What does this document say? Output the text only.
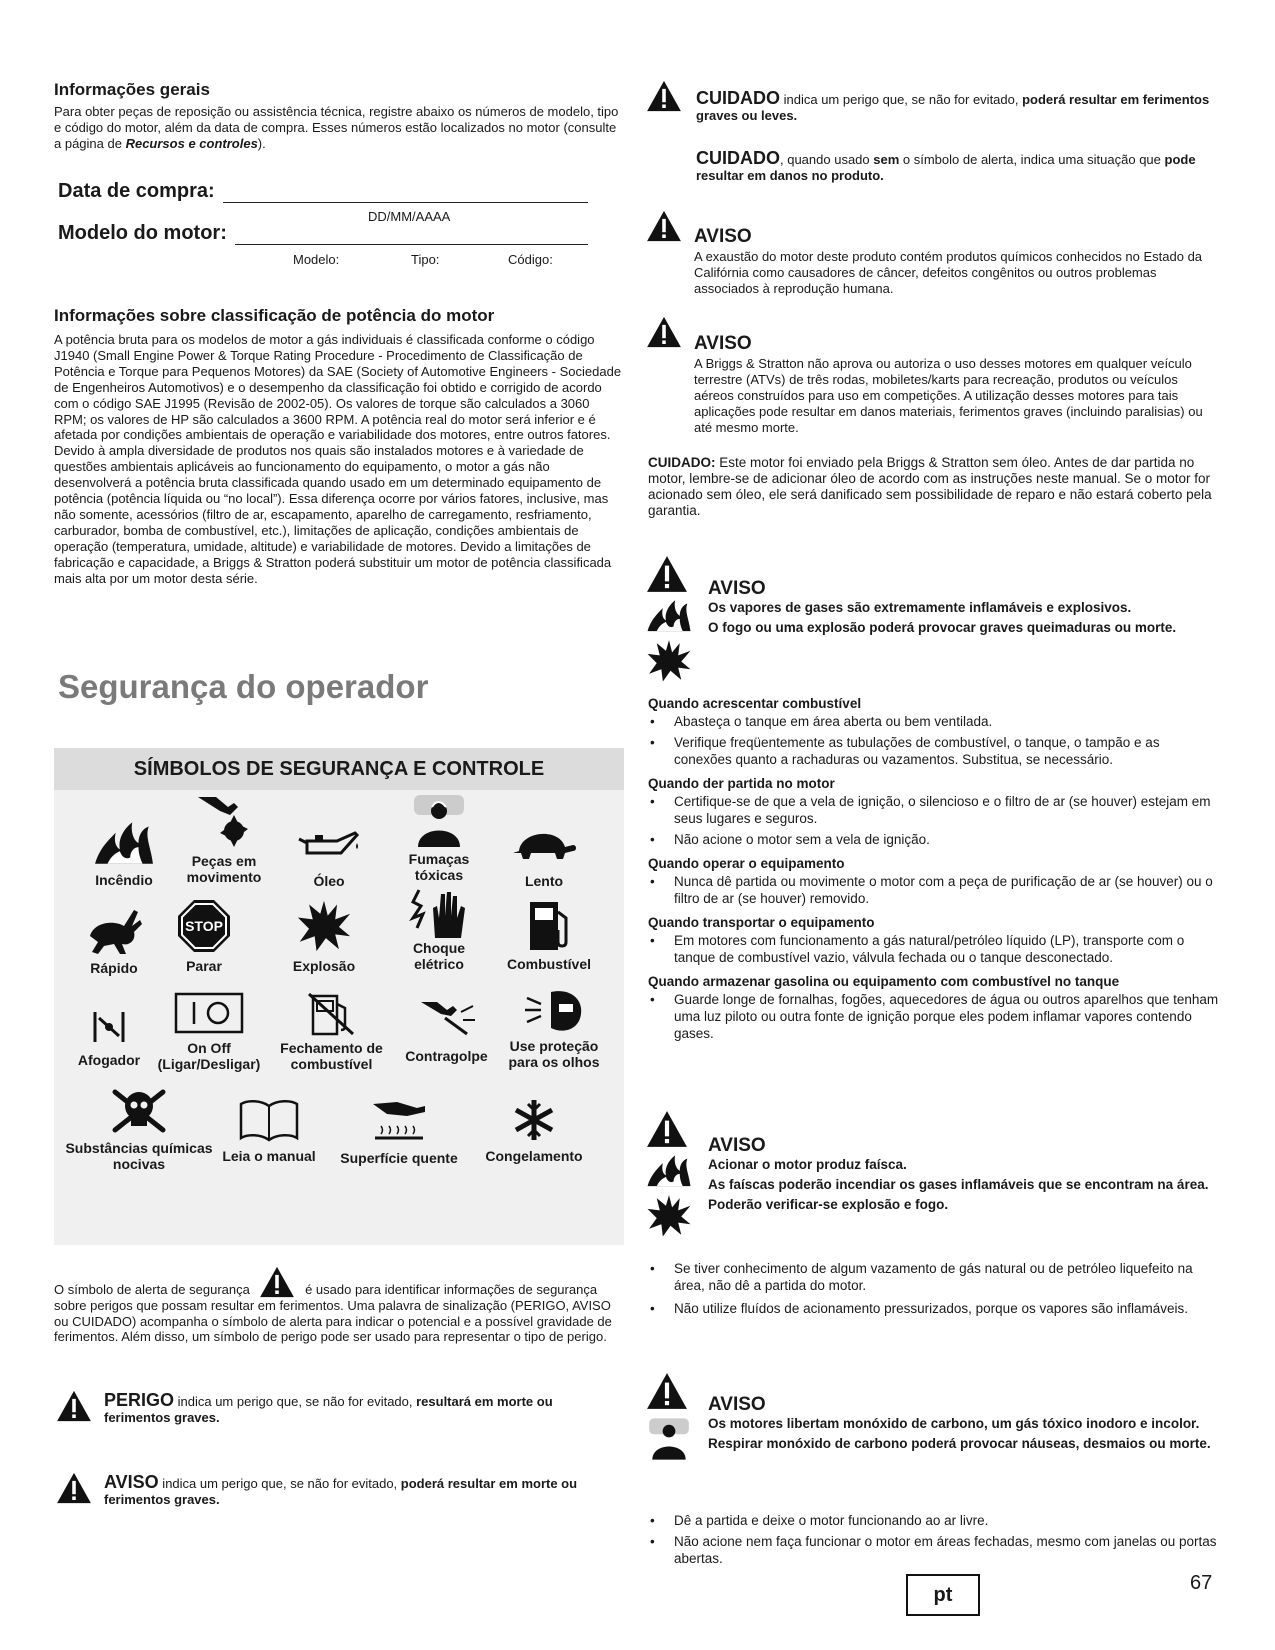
Informações gerais

Para obter peças de reposição ou assistência técnica, registre abaixo os números de modelo, tipo e código do motor, além da data de compra. Esses números estão localizados no motor (consulte a página de Recursos e controles).

Data de compra:
DD/MM/AAAA
Modelo do motor:
Modelo:	Tipo:	Código:
Informações sobre classificação de potência do motor

A potência bruta para os modelos de motor a gás individuais é classificada conforme o código J1940 (Small Engine Power & Torque Rating Procedure - Procedimento de Classificação de Potência e Torque para Pequenos Motores) da SAE (Society of Automotive Engineers - Sociedade de Engenheiros Automotivos) e o desempenho da classificação foi obtido e corrigido de acordo com o código SAE J1995 (Revisão de 2002-05). Os valores de torque são calculados a 3060 RPM; os valores de HP são calculados a 3600 RPM. A potência real do motor será inferior e é afetada por condições ambientais de operação e variabilidade dos motores, entre outros fatores. Devido à ampla diversidade de produtos nos quais são instalados motores e à variedade de questões ambientais aplicáveis ao funcionamento do equipamento, o motor a gás não desenvolverá a potência bruta classificada quando usado em um determinado equipamento de potência (potência líquida ou “no local”). Essa diferença ocorre por vários fatores, inclusive, mas não somente, acessórios (filtro de ar, escapamento, aparelho de carregamento, resfriamento, carburador, bomba de combustível, etc.), limitações de aplicação, condições ambientais de operação (temperatura, umidade, altitude) e variabilidade de motores. Devido a limitações de fabricação e capacidade, a Briggs & Stratton poderá substituir um motor de potência classificada mais alta por um motor desta série.

Segurança do operador
SÍMBOLOS DE SEGURANÇA E CONTROLE
Incêndio
Peças em movimento	Óleo
Fumaças tóxicas	Lento
Rápido
STOP
Parar	Explosão
Choque elétrico	Combustível
Afogador
On Off (Ligar/Desligar)
Fechamento de combustível	Contragolpe
Use proteção para os olhos
Substâncias químicas nocivas	Leia o manual	Superfície quente	Congelamento

O símbolo de alerta de segurança	é usado para identificar informações de segurança sobre perigos que possam resultar em ferimentos. Uma palavra de sinalização (PERIGO, AVISO ou CUIDADO) acompanha o símbolo de alerta para indicar o potencial e a possível gravidade de ferimentos. Além disso, um símbolo de perigo pode ser usado para representar o tipo de perigo.

PERIGO indica um perigo que, se não for evitado, resultará em morte ou ferimentos graves.
AVISO indica um perigo que, se não for evitado, poderá resultar em morte ou ferimentos graves.
CUIDADO indica um perigo que, se não for evitado, poderá resultar em ferimentos graves ou leves.
CUIDADO, quando usado sem o símbolo de alerta, indica uma situação que pode resultar em danos no produto.
AVISO

A exaustão do motor deste produto contém produtos químicos conhecidos no Estado da Califórnia como causadores de câncer, defeitos congênitos ou outros problemas associados à reprodução humana.

AVISO

A Briggs & Stratton não aprova ou autoriza o uso desses motores em qualquer veículo terrestre (ATVs) de três rodas, mobiletes/karts para recreação, produtos ou veículos aéreos construídos para uso em competições. A utilização desses motores para tais aplicações pode resultar em danos materiais, ferimentos graves (incluindo paralisias) ou até mesmo morte.

CUIDADO: Este motor foi enviado pela Briggs & Stratton sem óleo. Antes de dar partida no motor, lembre-se de adicionar óleo de acordo com as instruções neste manual. Se o motor for acionado sem óleo, ele será danificado sem possibilidade de reparo e não estará coberto pela garantia.

AVISO
Os vapores de gases são extremamente inflamáveis e explosivos.
O fogo ou uma explosão poderá provocar graves queimaduras ou morte.
Quando acrescentar combustível

• Abasteça o tanque em área aberta ou bem ventilada.

• Verifique freqüentemente as tubulações de combustível, o tanque, o tampão e as conexões quanto a rachaduras ou vazamentos. Substitua, se necessário.

Quando der partida no motor

• Certifique-se de que a vela de ignição, o silencioso e o filtro de ar (se houver) estejam em seus lugares e seguros.

• Não acione o motor sem a vela de ignição.

Quando operar o equipamento

• Nunca dê partida ou movimente o motor com a peça de purificação de ar (se houver) ou o filtro de ar (se houver) removido.

Quando transportar o equipamento

• Em motores com funcionamento a gás natural/petróleo líquido (LP), transporte com o tanque de combustível vazio, válvula fechada ou o tanque desconectado.

Quando armazenar gasolina ou equipamento com combustível no tanque

• Guarde longe de fornalhas, fogões, aquecedores de água ou outros aparelhos que tenham uma luz piloto ou outra fonte de ignição porque eles podem inflamar vapores contendo gases.

AVISO
Acionar o motor produz faísca.
As faíscas poderão incendiar os gases inflamáveis que se encontram na área.
Poderão verificar-se explosão e fogo.

• Se tiver conhecimento de algum vazamento de gás natural ou de petróleo liquefeito na área, não dê a partida do motor.

• Não utilize fluídos de acionamento pressurizados, porque os vapores são inflamáveis.

AVISO
Os motores libertam monóxido de carbono, um gás tóxico inodoro e incolor.
Respirar monóxido de carbono poderá provocar náuseas, desmaios ou morte.

• Dê a partida e deixe o motor funcionando ao ar livre.

• Não acione nem faça funcionar o motor em áreas fechadas, mesmo com janelas ou portas abertas.

pt
67
